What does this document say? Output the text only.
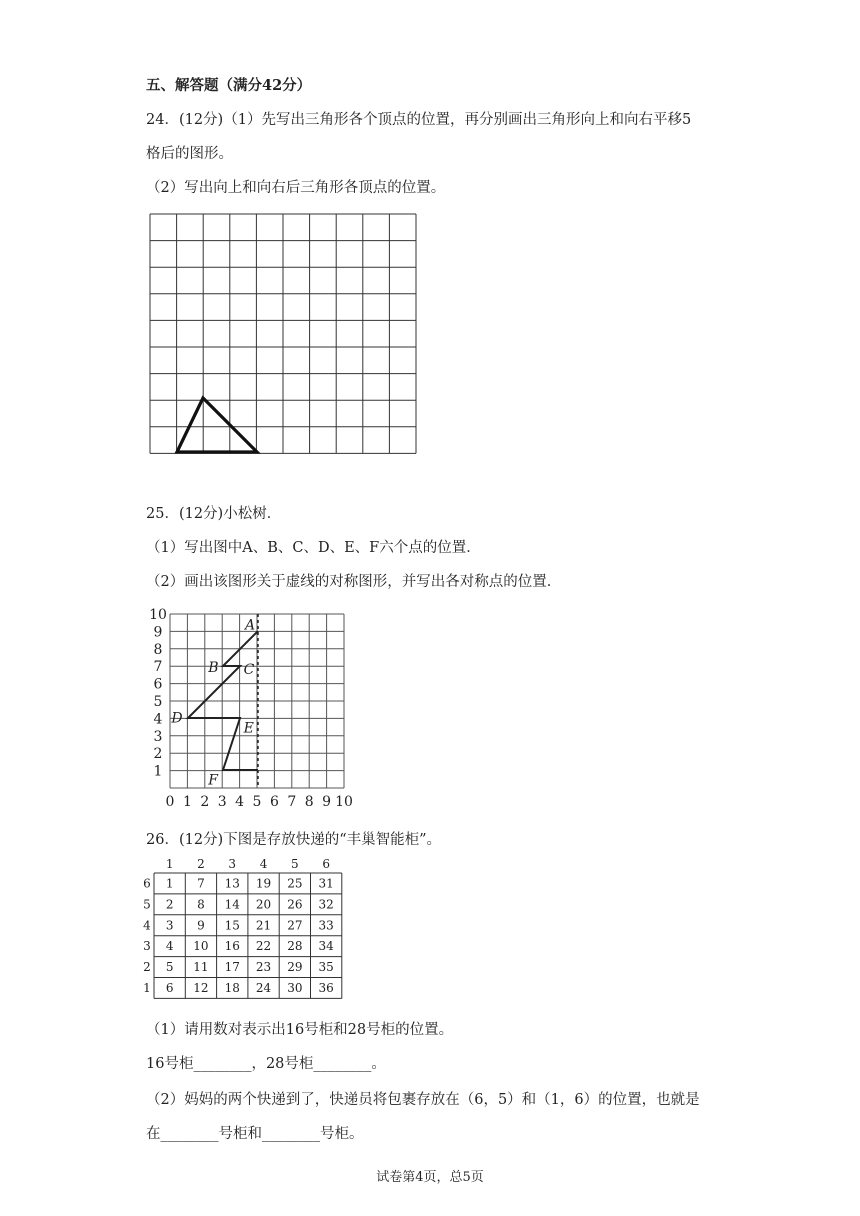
五、解答题（满分42分）
24．(12分)（1）先写出三角形各个顶点的位置，再分别画出三角形向上和向右平移5
格后的图形。
（2）写出向上和向右后三角形各顶点的位置。
25．(12分)小松树．
（1）写出图中A、B、C、D、E、F六个点的位置．
（2）画出该图形关于虚线的对称图形，并写出各对称点的位置．
1
2
3
4
5
6
7
8
9
10
0 1 2 3 4 5 6 7 8 9 10
A
B C
D
E
F
26．(12分)下图是存放快递的“丰巢智能柜”。
1 2 3 4 5 6
6
5
4
3
2
1
1 7 13 19 25 31
2 8 14 20 26 32
3 9 15 21 27 33
4 10 16 22 28 34
5 11 17 23 29 35
6 12 18 24 30 36
（1）请用数对表示出16号柜和28号柜的位置。
16号柜________，28号柜________。
（2）妈妈的两个快递到了，快递员将包裹存放在（6，5）和（1，6）的位置，也就是
在________号柜和________号柜。
试卷第4页，总5页
